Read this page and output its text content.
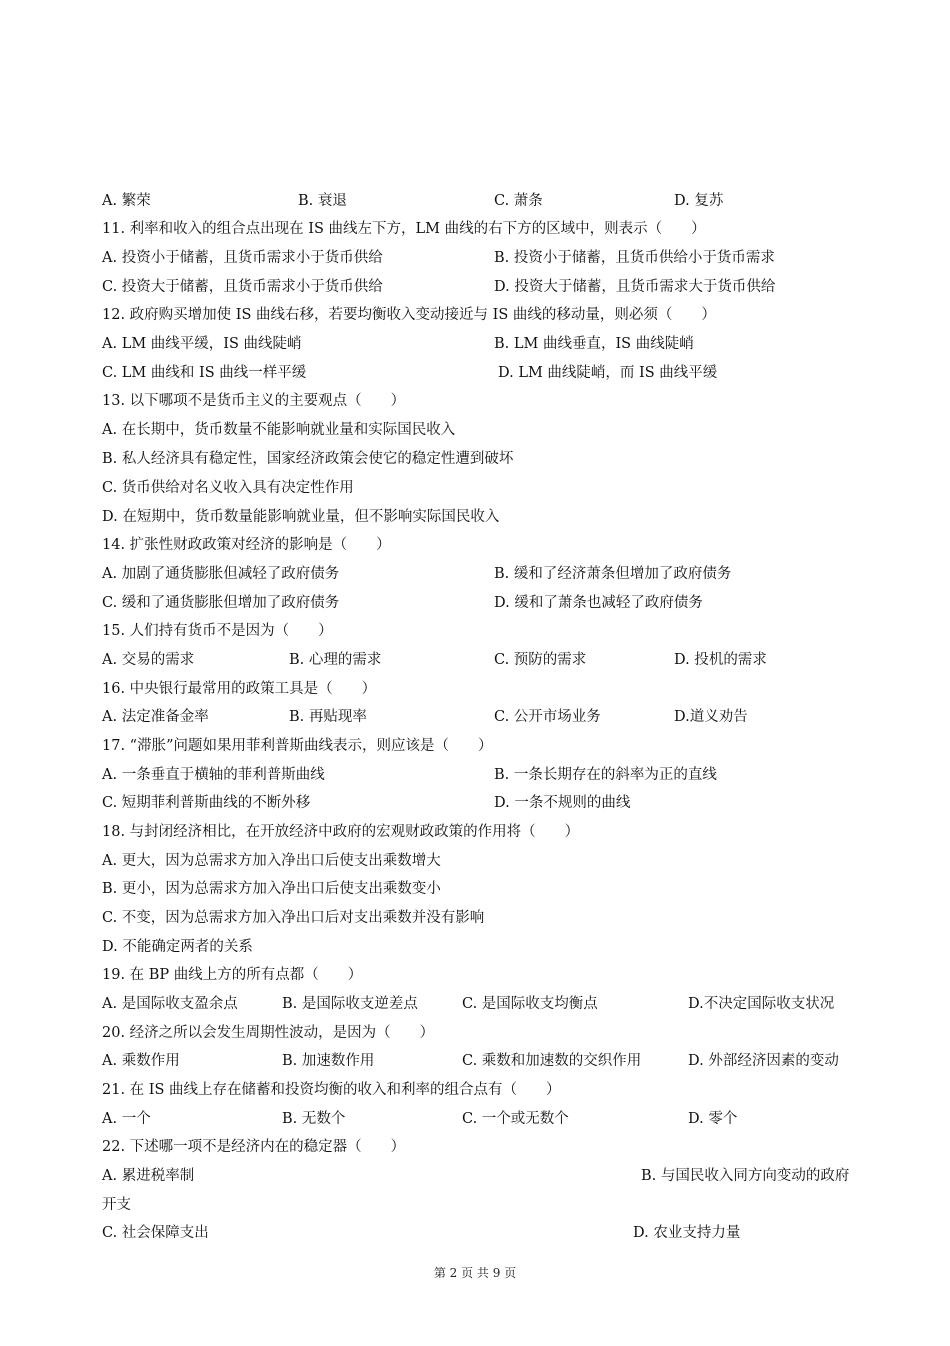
A. 繁荣	B. 衰退	C. 萧条	D. 复苏
11. 利率和收入的组合点出现在 IS 曲线左下方，LM 曲线的右下方的区域中，则表示（　　）
A. 投资小于储蓄，且货币需求小于货币供给	B. 投资小于储蓄，且货币供给小于货币需求
C. 投资大于储蓄，且货币需求小于货币供给	D. 投资大于储蓄，且货币需求大于货币供给
12. 政府购买增加使 IS 曲线右移，若要均衡收入变动接近与 IS 曲线的移动量，则必须（　　）
A. LM 曲线平缓，IS 曲线陡峭	B. LM 曲线垂直，IS 曲线陡峭
C. LM 曲线和 IS 曲线一样平缓	D. LM 曲线陡峭，而 IS 曲线平缓
13. 以下哪项不是货币主义的主要观点（　　）
A. 在长期中，货币数量不能影响就业量和实际国民收入
B. 私人经济具有稳定性，国家经济政策会使它的稳定性遭到破坏
C. 货币供给对名义收入具有决定性作用
D. 在短期中，货币数量能影响就业量，但不影响实际国民收入
14. 扩张性财政政策对经济的影响是（　　）
A. 加剧了通货膨胀但减轻了政府债务	B. 缓和了经济萧条但增加了政府债务
C. 缓和了通货膨胀但增加了政府债务	D. 缓和了萧条也减轻了政府债务
15. 人们持有货币不是因为（　　）
A. 交易的需求	B. 心理的需求	C. 预防的需求	D. 投机的需求
16. 中央银行最常用的政策工具是（　　）
A. 法定准备金率	B. 再贴现率	C. 公开市场业务	D.道义劝告
17. “滞胀”问题如果用菲利普斯曲线表示，则应该是（　　）
A. 一条垂直于横轴的菲利普斯曲线	B. 一条长期存在的斜率为正的直线
C. 短期菲利普斯曲线的不断外移	D. 一条不规则的曲线
18. 与封闭经济相比，在开放经济中政府的宏观财政政策的作用将（　　）
A. 更大，因为总需求方加入净出口后使支出乘数增大
B. 更小，因为总需求方加入净出口后使支出乘数变小
C. 不变，因为总需求方加入净出口后对支出乘数并没有影响
D. 不能确定两者的关系
19. 在 BP 曲线上方的所有点都（　　）
A. 是国际收支盈余点	B. 是国际收支逆差点	C. 是国际收支均衡点	D.不决定国际收支状况
20. 经济之所以会发生周期性波动，是因为（　　）
A. 乘数作用	B. 加速数作用	C. 乘数和加速数的交织作用	D. 外部经济因素的变动
21. 在 IS 曲线上存在储蓄和投资均衡的收入和利率的组合点有（　　）
A. 一个	B. 无数个	C. 一个或无数个	D. 零个
22. 下述哪一项不是经济内在的稳定器（　　）
A. 累进税率制	B. 与国民收入同方向变动的政府
开支
C. 社会保障支出	D. 农业支持力量
第 2 页 共 9 页
